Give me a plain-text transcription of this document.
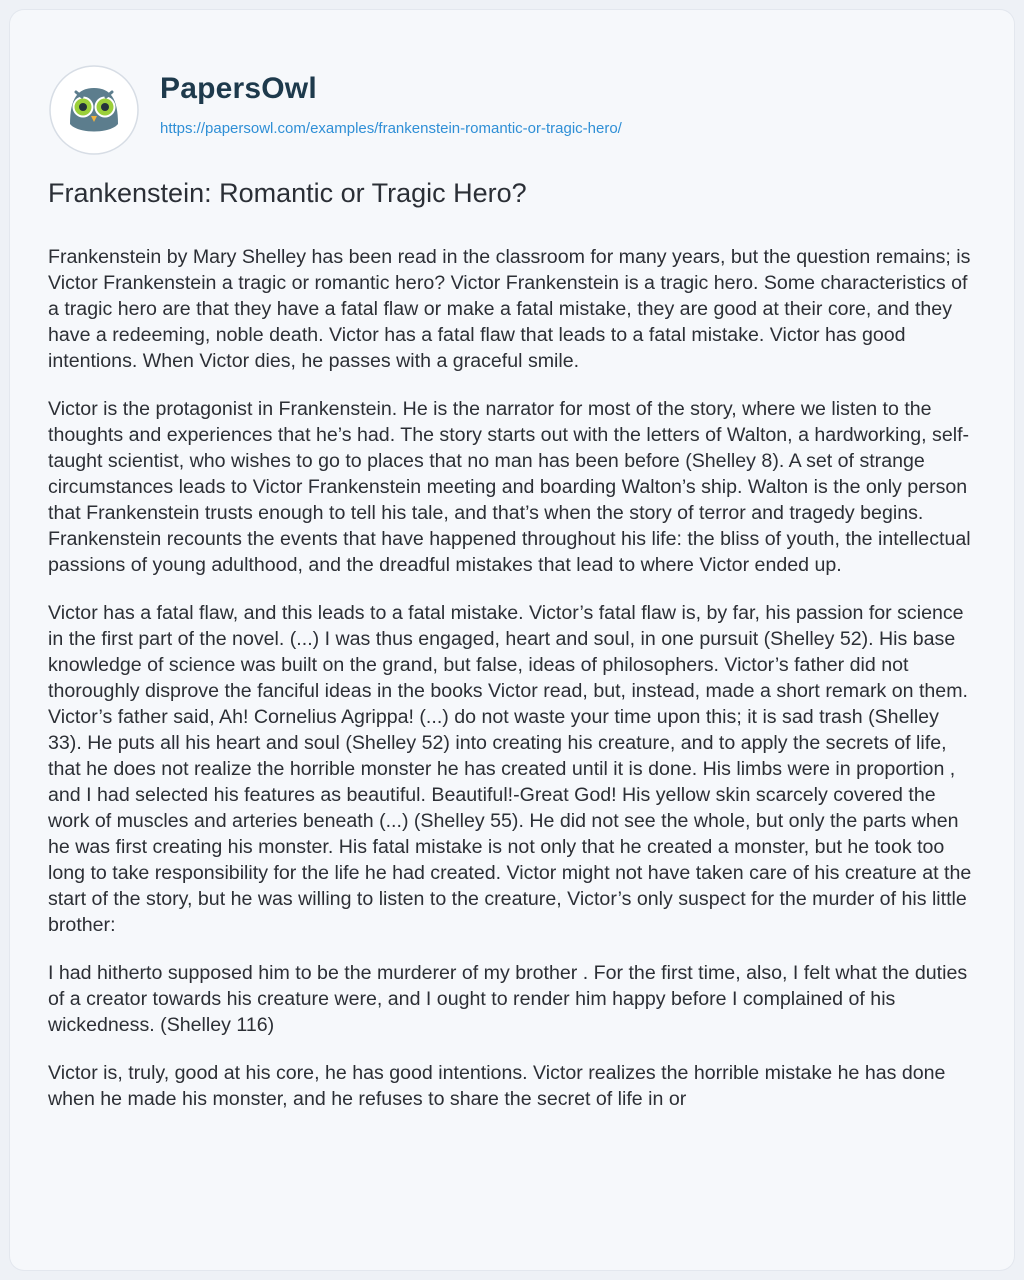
PapersOwl
https://papersowl.com/examples/frankenstein-romantic-or-tragic-hero/
Frankenstein: Romantic or Tragic Hero?

Frankenstein by Mary Shelley has been read in the classroom for many years, but the question remains; is Victor Frankenstein a tragic or romantic hero? Victor Frankenstein is a tragic hero. Some characteristics of a tragic hero are that they have a fatal flaw or make a fatal mistake, they are good at their core, and they have a redeeming, noble death. Victor has a fatal flaw that leads to a fatal mistake. Victor has good intentions. When Victor dies, he passes with a graceful smile.

Victor is the protagonist in Frankenstein. He is the narrator for most of the story, where we listen to the thoughts and experiences that he’s had. The story starts out with the letters of Walton, a hardworking, self-taught scientist, who wishes to go to places that no man has been before (Shelley 8). A set of strange circumstances leads to Victor Frankenstein meeting and boarding Walton’s ship. Walton is the only person that Frankenstein trusts enough to tell his tale, and that’s when the story of terror and tragedy begins. Frankenstein recounts the events that have happened throughout his life: the bliss of youth, the intellectual passions of young adulthood, and the dreadful mistakes that lead to where Victor ended up.

Victor has a fatal flaw, and this leads to a fatal mistake. Victor’s fatal flaw is, by far, his passion for science in the first part of the novel. (...) I was thus engaged, heart and soul, in one pursuit (Shelley 52). His base knowledge of science was built on the grand, but false, ideas of philosophers. Victor’s father did not thoroughly disprove the fanciful ideas in the books Victor read, but, instead, made a short remark on them. Victor’s father said, Ah! Cornelius Agrippa! (...) do not waste your time upon this; it is sad trash (Shelley 33). He puts all his heart and soul (Shelley 52) into creating his creature, and to apply the secrets of life, that he does not realize the horrible monster he has created until it is done. His limbs were in proportion , and I had selected his features as beautiful. Beautiful!-Great God! His yellow skin scarcely covered the work of muscles and arteries beneath (...) (Shelley 55). He did not see the whole, but only the parts when he was first creating his monster. His fatal mistake is not only that he created a monster, but he took too long to take responsibility for the life he had created. Victor might not have taken care of his creature at the start of the story, but he was willing to listen to the creature, Victor’s only suspect for the murder of his little brother:

I had hitherto supposed him to be the murderer of my brother . For the first time, also, I felt what the duties of a creator towards his creature were, and I ought to render him happy before I complained of his wickedness. (Shelley 116)

Victor is, truly, good at his core, he has good intentions. Victor realizes the horrible mistake he has done when he made his monster, and he refuses to share the secret of life in or
